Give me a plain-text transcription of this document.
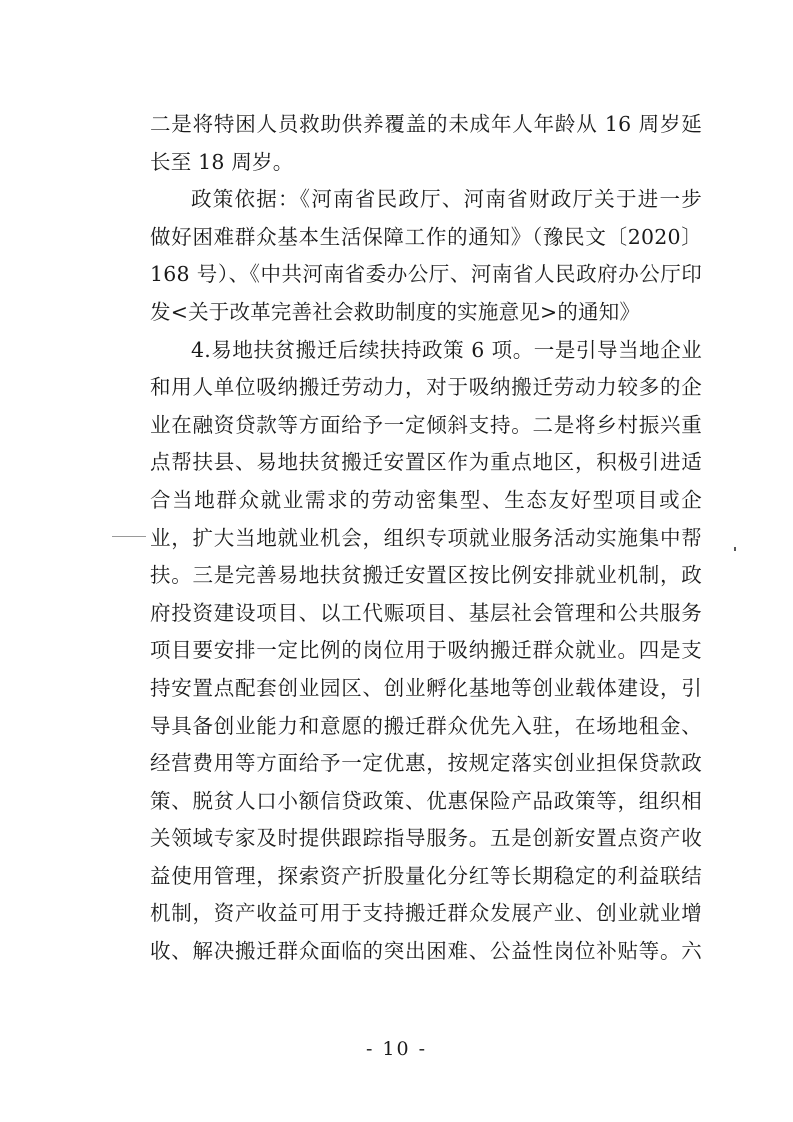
二是将特困人员救助供养覆盖的未成年人年龄从 16 周岁延
长至 18 周岁。
政策依据：《河南省民政厅、河南省财政厅关于进一步
做好困难群众基本生活保障工作的通知》（豫民文〔2020〕
168 号）、《中共河南省委办公厅、河南省人民政府办公厅印
发<关于改革完善社会救助制度的实施意见>的通知》
4.易地扶贫搬迁后续扶持政策 6 项。一是引导当地企业
和用人单位吸纳搬迁劳动力，对于吸纳搬迁劳动力较多的企
业在融资贷款等方面给予一定倾斜支持。二是将乡村振兴重
点帮扶县、易地扶贫搬迁安置区作为重点地区，积极引进适
合当地群众就业需求的劳动密集型、生态友好型项目或企
业，扩大当地就业机会，组织专项就业服务活动实施集中帮
扶。三是完善易地扶贫搬迁安置区按比例安排就业机制，政
府投资建设项目、以工代赈项目、基层社会管理和公共服务
项目要安排一定比例的岗位用于吸纳搬迁群众就业。四是支
持安置点配套创业园区、创业孵化基地等创业载体建设，引
导具备创业能力和意愿的搬迁群众优先入驻，在场地租金、
经营费用等方面给予一定优惠，按规定落实创业担保贷款政
策、脱贫人口小额信贷政策、优惠保险产品政策等，组织相
关领域专家及时提供跟踪指导服务。五是创新安置点资产收
益使用管理，探索资产折股量化分红等长期稳定的利益联结
机制，资产收益可用于支持搬迁群众发展产业、创业就业增
收、解决搬迁群众面临的突出困难、公益性岗位补贴等。六
- 10 -
